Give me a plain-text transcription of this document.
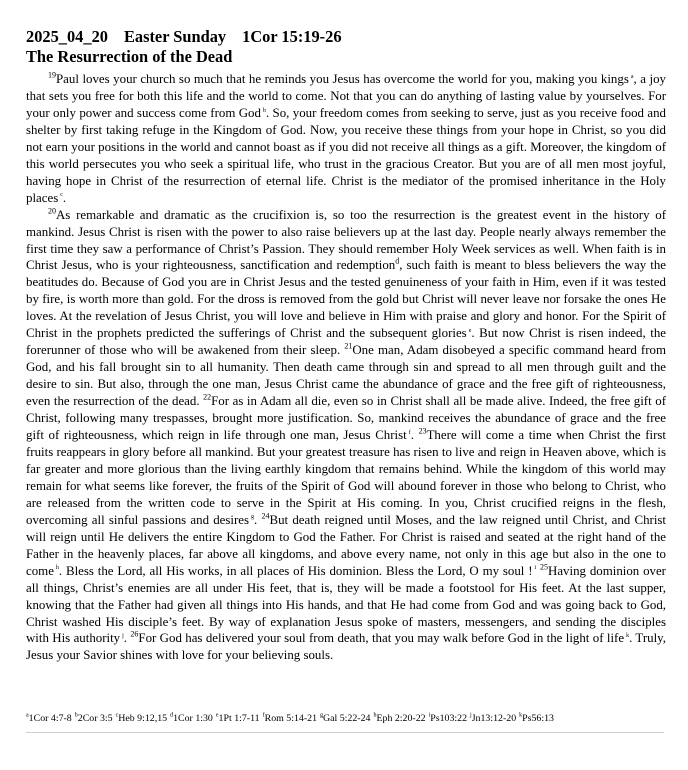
2025_04_20 Easter Sunday 1Cor 15:19-26
The Resurrection of the Dead

$^{19}$Paul loves your church so much that he reminds you Jesus has overcome the world for you, making you kings $^a$, a joy that sets you free for both this life and the world to come. Not that you can do anything of lasting value by yourselves. For your only power and success come from God $^b$. So, your freedom comes from seeking to serve, just as you receive food and shelter by first taking refuge in the Kingdom of God. Now, you receive these things from your hope in Christ, so you did not earn your positions in the world and cannot boast as if you did not receive all things as a gift. Moreover, the kingdom of this world persecutes you who seek a spiritual life, who trust in the gracious Creator. But you are of all men most joyful, having hope in Christ of the resurrection of eternal life. Christ is the mediator of the promised inheritance in the Holy places $^c$.

$^{20}$As remarkable and dramatic as the crucifixion is, so too the resurrection is the greatest event in the history of mankind. Jesus Christ is risen with the power to also raise believers up at the last day. People nearly always remember the first time they saw a performance of Christ’s Passion. They should remember Holy Week services as well. When faith is in Christ Jesus, who is your righteousness, sanctification and redemption$^d$, such faith is meant to bless believers the way the beatitudes do. Because of God you are in Christ Jesus and the tested genuineness of your faith in Him, even if it was tested by fire, is worth more than gold. For the dross is removed from the gold but Christ will never leave nor forsake the ones He loves. At the revelation of Jesus Christ, you will love and believe in Him with praise and glory and honor. For the Spirit of Christ in the prophets predicted the sufferings of Christ and the subsequent glories $^e$. But now Christ is risen indeed, the forerunner of those who will be awakened from their sleep. $^{21}$One man, Adam disobeyed a specific command heard from God, and his fall brought sin to all humanity. Then death came through sin and spread to all men through guilt and the desire to sin. But also, through the one man, Jesus Christ came the abundance of grace and the free gift of righteousness, even the resurrection of the dead. $^{22}$For as in Adam all die, even so in Christ shall all be made alive. Indeed, the free gift of Christ, following many trespasses, brought more justification. So, mankind receives the abundance of grace and the free gift of righteousness, which reign in life through one man, Jesus Christ $^f$. $^{23}$There will come a time when Christ the first fruits reappears in glory before all mankind. But your greatest treasure has risen to live and reign in Heaven above, which is far greater and more glorious than the living earthly kingdom that remains behind. While the kingdom of this world may remain for what seems like forever, the fruits of the Spirit of God will abound forever in those who belong to Christ, who are released from the written code to serve in the Spirit at His coming. In you, Christ crucified reigns in the flesh, overcoming all sinful passions and desires $^g$. $^{24}$But death reigned until Moses, and the law reigned until Christ, and Christ will reign until He delivers the entire Kingdom to God the Father. For Christ is raised and seated at the right hand of the Father in the heavenly places, far above all kingdoms, and above every name, not only in this age but also in the one to come $^h$. Bless the Lord, all His works, in all places of His dominion. Bless the Lord, O my soul ! $^i$ $^{25}$Having dominion over all things, Christ’s enemies are all under His feet, that is, they will be made a footstool for His feet. At the last supper, knowing that the Father had given all things into His hands, and that He had come from God and was going back to God, Christ washed His disciple’s feet. By way of explanation Jesus spoke of masters, messengers, and sending the disciples with His authority $^j$. $^{26}$For God has delivered your soul from death, that you may walk before God in the light of life $^k$. Truly, Jesus your Savior shines with love for your believing souls.

$^a$1Cor 4:7-8 $^b$2Cor 3:5 $^c$Heb 9:12,15 $^d$1Cor 1:30 $^e$1Pt 1:7-11 $^f$Rom 5:14-21 $^g$Gal 5:22-24 $^h$Eph 2:20-22 $^i$Ps103:22 $^j$Jn13:12-20 $^k$Ps56:13
